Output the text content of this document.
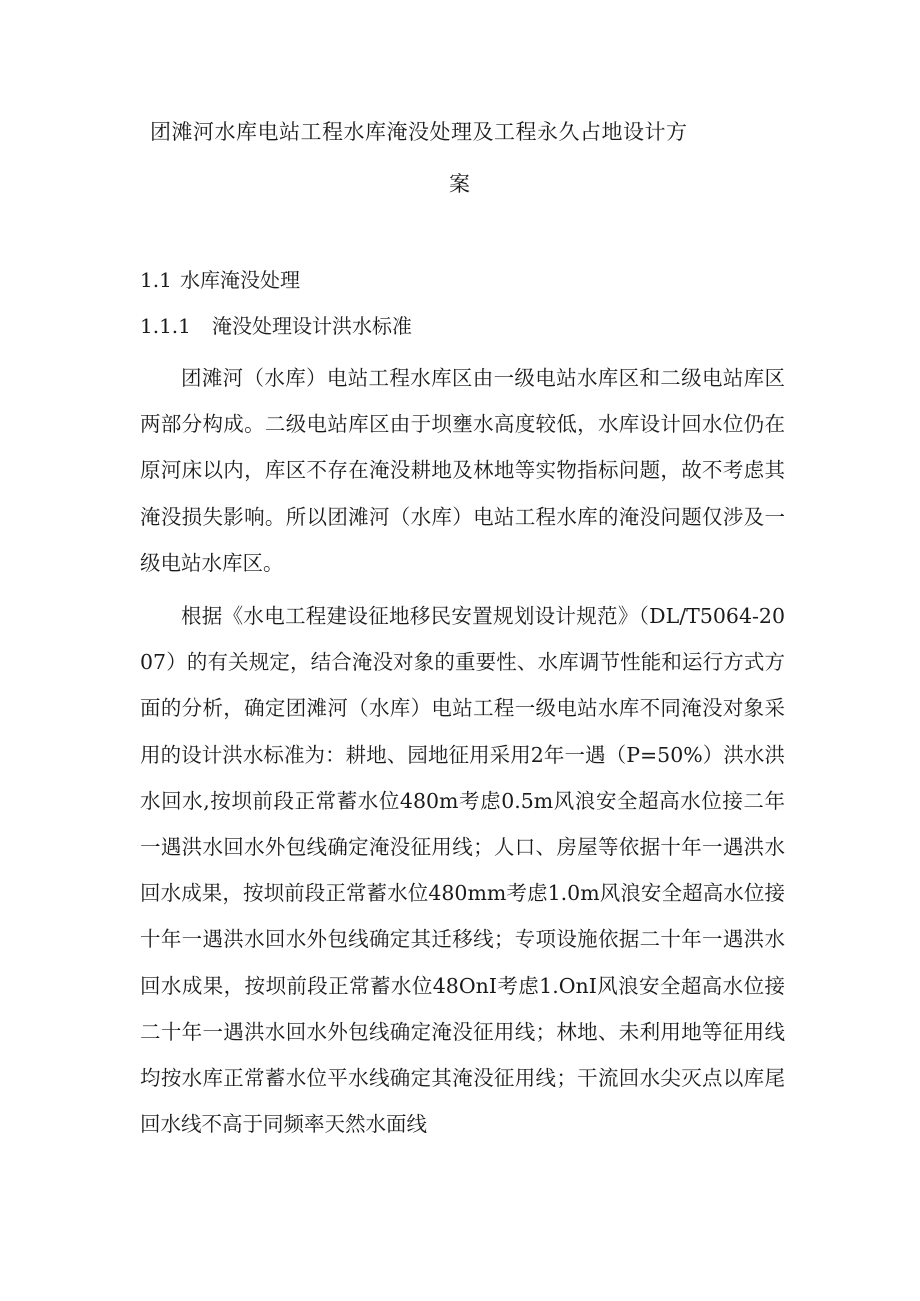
团滩河水库电站工程水库淹没处理及工程永久占地设计方
案
1.1 水库淹没处理
1.1.1 淹没处理设计洪水标准

团滩河（水库）电站工程水库区由一级电站水库区和二级电站库区两部分构成。二级电站库区由于坝壅水高度较低，水库设计回水位仍在原河床以内，库区不存在淹没耕地及林地等实物指标问题，故不考虑其淹没损失影响。所以团滩河（水库）电站工程水库的淹没问题仅涉及一级电站水库区。

根据《水电工程建设征地移民安置规划设计规范》（DL/T5064-2007）的有关规定，结合淹没对象的重要性、水库调节性能和运行方式方面的分析，确定团滩河（水库）电站工程一级电站水库不同淹没对象采用的设计洪水标准为：耕地、园地征用采用2年一遇（P=50%）洪水洪水回水,按坝前段正常蓄水位480m考虑0.5m风浪安全超高水位接二年一遇洪水回水外包线确定淹没征用线；人口、房屋等依据十年一遇洪水回水成果，按坝前段正常蓄水位480mm考虑1.0m风浪安全超高水位接十年一遇洪水回水外包线确定其迁移线；专项设施依据二十年一遇洪水回水成果，按坝前段正常蓄水位48OnI考虑1.OnI风浪安全超高水位接二十年一遇洪水回水外包线确定淹没征用线；林地、未利用地等征用线均按水库正常蓄水位平水线确定其淹没征用线；干流回水尖灭点以库尾回水线不高于同频率天然水面线
